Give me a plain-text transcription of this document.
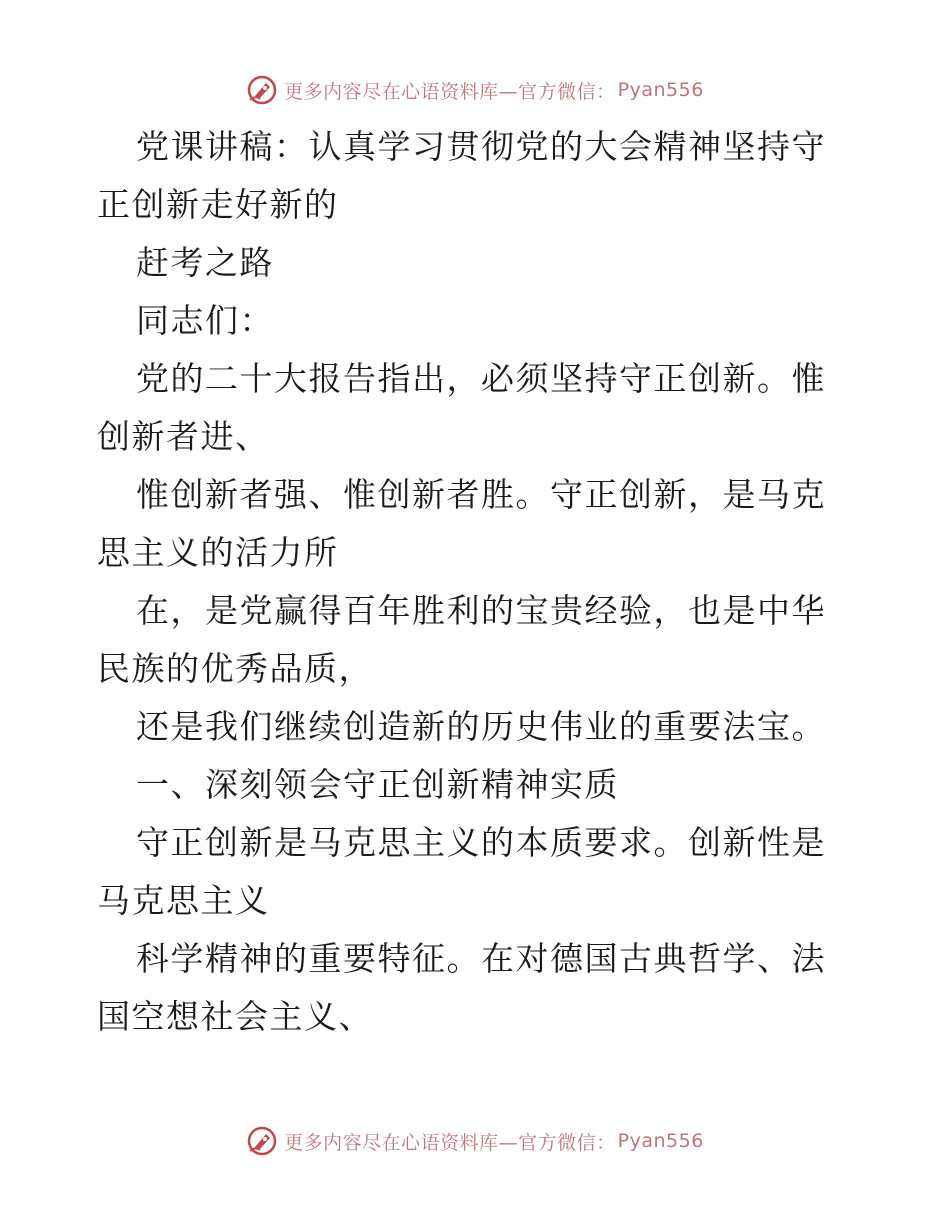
更多内容尽在心语资料库—官方微信： Pyan556

党课讲稿：认真学习贯彻党的大会精神坚持守正创新走好新的

赶考之路

同志们：

党的二十大报告指出，必须坚持守正创新。惟创新者进、

惟创新者强、惟创新者胜。守正创新，是马克思主义的活力所

在，是党赢得百年胜利的宝贵经验，也是中华民族的优秀品质，

还是我们继续创造新的历史伟业的重要法宝。

一、深刻领会守正创新精神实质

守正创新是马克思主义的本质要求。创新性是马克思主义

科学精神的重要特征。在对德国古典哲学、法国空想社会主义、

更多内容尽在心语资料库—官方微信： Pyan556
